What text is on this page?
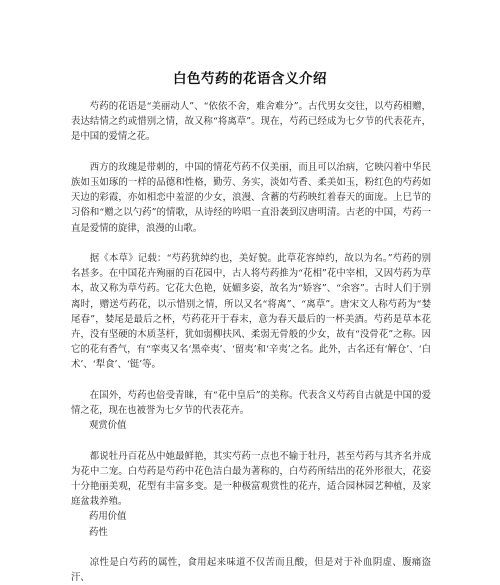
白色芍药的花语含义介绍

芍药的花语是“美丽动人”、“依依不舍，难舍难分”。古代男女交往，以芍药相赠，表达结情之约或惜别之情，故又称“将离草”。现在，芍药已经成为七夕节的代表花卉，是中国的爱情之花。

西方的玫瑰是带刺的，中国的情花芍药不仅美丽，而且可以治病，它映闪着中华民族如玉如琢的一样的品德和性格，勤劳、务实，淡如芍香、柔美如玉，粉红色的芍药如天边的彩霞，亦如相恋中羞涩的少女，浪漫、含蓄的芍药映红着春天的面庞。上巳节的习俗和“赠之以勺药”的情歌，从诗经的吟唱一直沿袭到汉唐明清。古老的中国，芍药一直是爱情的旋律，浪漫的山歌。

据《本草》记载：“芍药犹绰约也，美好貌。此草花容绰约，故以为名。”芍药的别名甚多。在中国花卉殉丽的百花园中，古人将芍药推为“花相”花中宰相，又因芍药为草本，故又称为草芍药。它花大色艳，妩媚多姿，故名为“娇容”、“余容”。古时人们于别离时，赠送芍药花，以示惜别之情，所以又名“将离”、“离草”。唐宋文人称芍药为“婪尾春”，婪尾是最后之杯，芍药花开于春末，意为春天最后的一杯美酒。芍药是草本花卉，没有坚硬的木质茎杆，犹如弱柳扶风、柔弱无骨般的少女，故有“没骨花”之称。因它的花有香气，有“挛夷又名‘黑牵夷’、‘留夷’和‘辛夷’之名。此外，古名还有‘解仓’、‘白术’、‘犁食’、‘铤’等。

在国外，芍药也倍受青睐，有“花中皇后”的美称。代表含义芍药自古就是中国的爱情之花，现在也被誉为七夕节的代表花卉。

观赏价值

都说牡丹百花丛中她最鲜艳，其实芍药一点也不输于牡丹，甚至芍药与其齐名并成为花中二宠。白芍药是芍药中花色洁白最为著称的，白芍药所结出的花外形很大，花姿十分艳丽美观，花型有丰富多变。是一种极富观赏性的花卉，适合园林园艺种植，及家庭盆栽养殖。

药用价值

药性

凉性是白芍药的属性，食用起来味道不仅苦而且酸，但是对于补血阴虚、腹痛盗汗、
